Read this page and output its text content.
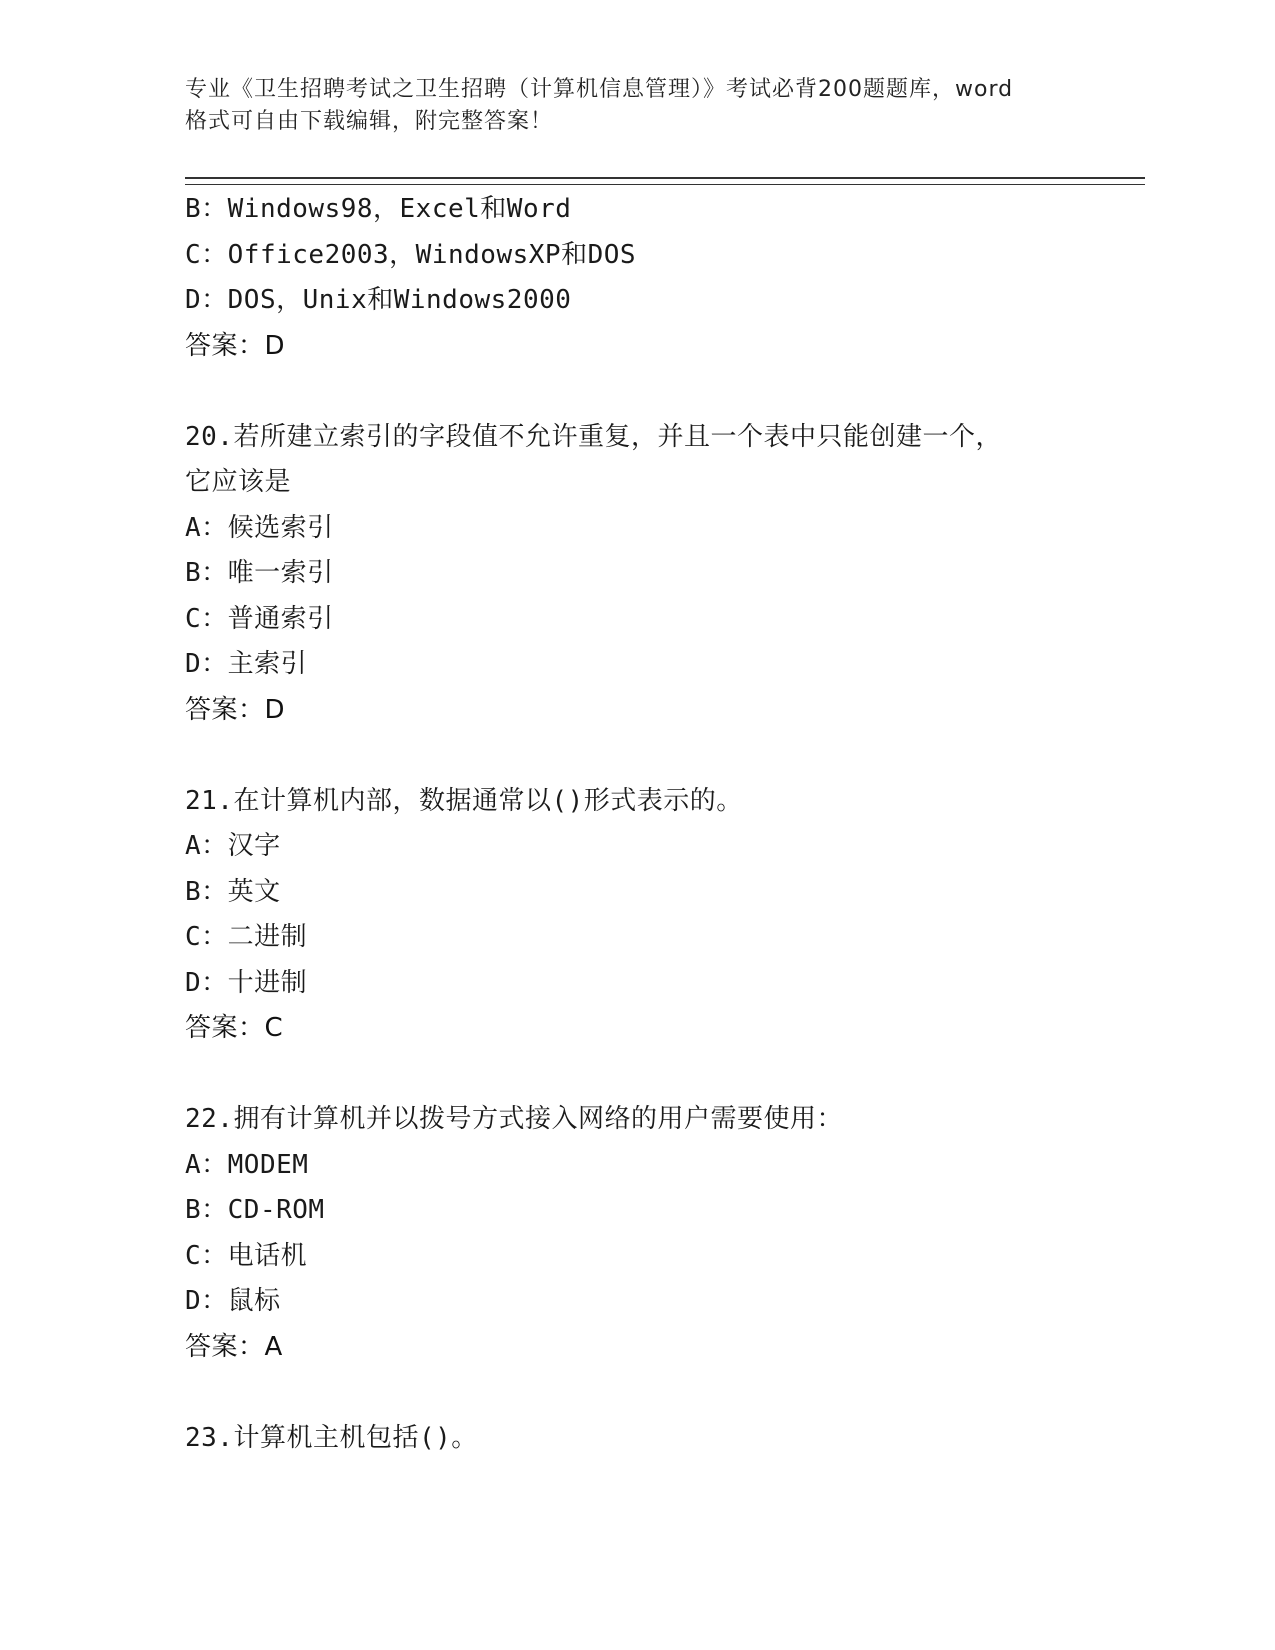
专业《卫生招聘考试之卫生招聘（计算机信息管理）》考试必背200题题库，word
格式可自由下载编辑，附完整答案！
B：Windows98，Excel和Word
C：Office2003，WindowsXP和DOS
D：DOS，Unix和Windows2000
答案：D
20.若所建立索引的字段值不允许重复，并且一个表中只能创建一个，
它应该是
A：候选索引
B：唯一索引
C：普通索引
D：主索引
答案：D
21.在计算机内部，数据通常以()形式表示的。
A：汉字
B：英文
C：二进制
D：十进制
答案：C
22.拥有计算机并以拨号方式接入网络的用户需要使用：
A：MODEM
B：CD-ROM
C：电话机
D：鼠标
答案：A
23.计算机主机包括()。
